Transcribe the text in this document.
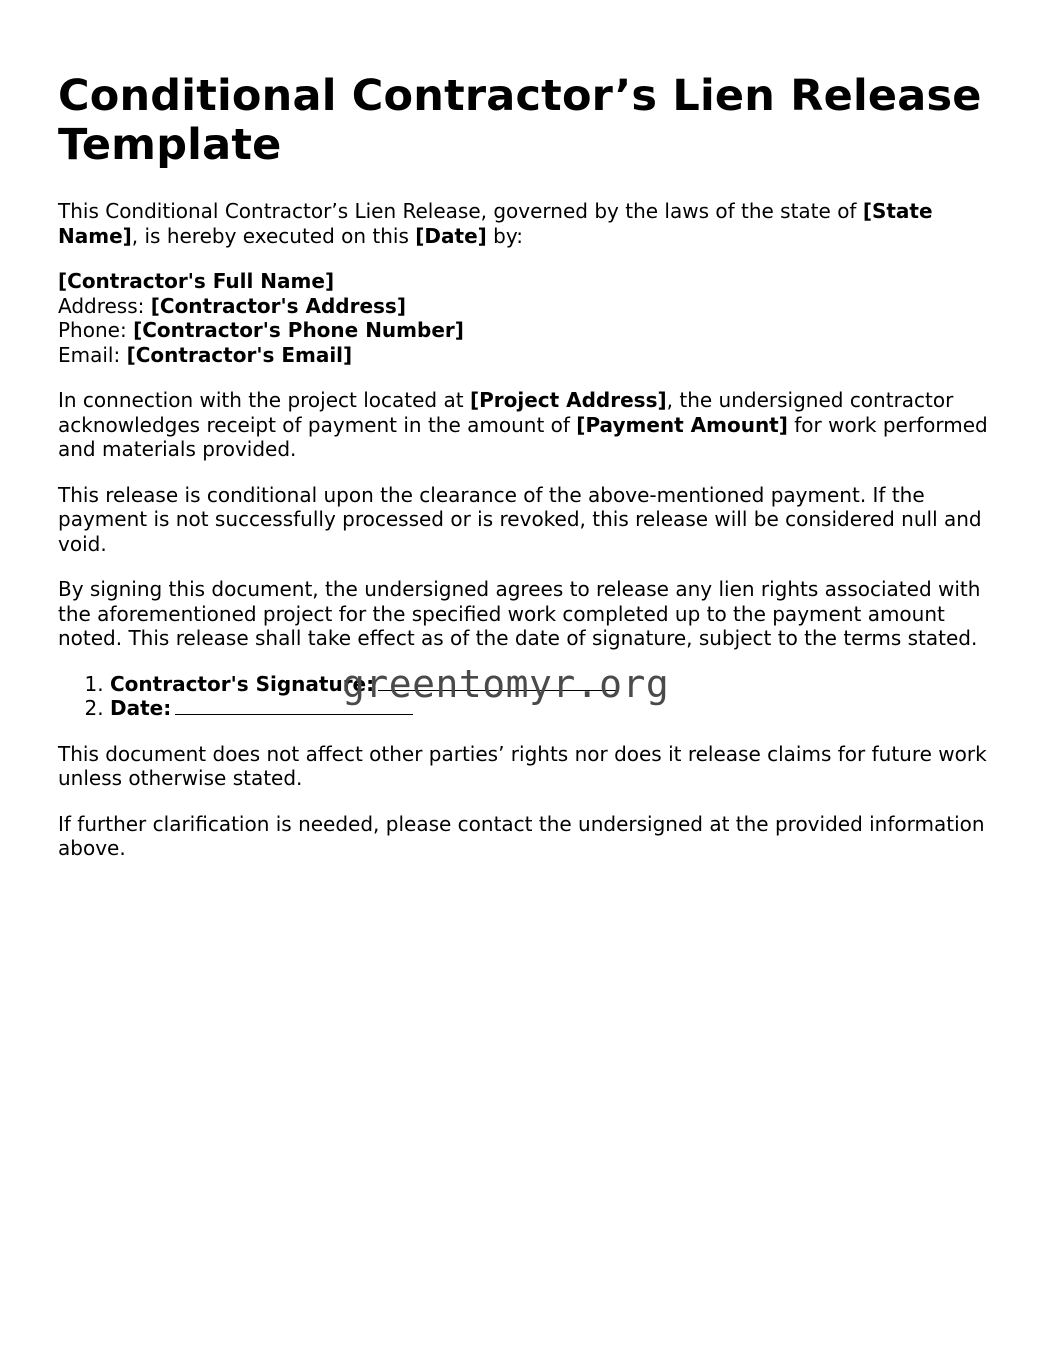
Conditional Contractor’s Lien Release Template

This Conditional Contractor’s Lien Release, governed by the laws of the state of [State Name], is hereby executed on this [Date] by:

[Contractor's Full Name]
Address: [Contractor's Address]
Phone: [Contractor's Phone Number]
Email: [Contractor's Email]

In connection with the project located at [Project Address], the undersigned contractor acknowledges receipt of payment in the amount of [Payment Amount] for work performed and materials provided.

This release is conditional upon the clearance of the above-mentioned payment. If the payment is not successfully processed or is revoked, this release will be considered null and void.

By signing this document, the undersigned agrees to release any lien rights associated with the aforementioned project for the specified work completed up to the payment amount noted. This release shall take effect as of the date of signature, subject to the terms stated.

1. Contractor's Signature:
2. Date:

This document does not affect other parties’ rights nor does it release claims for future work unless otherwise stated.

If further clarification is needed, please contact the undersigned at the provided information above.

greentomyr.org
